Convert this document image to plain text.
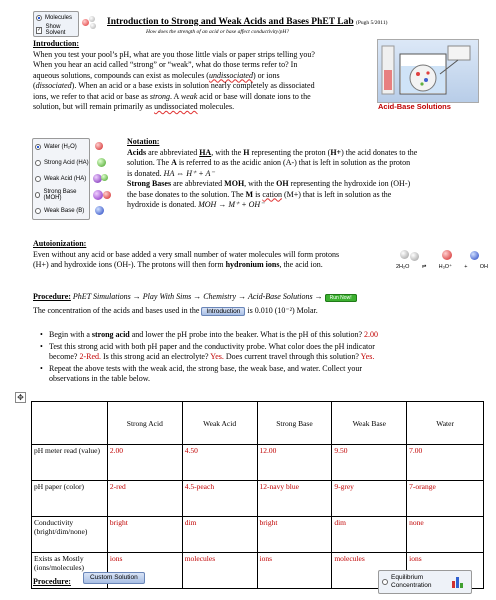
Molecules
✓ Show Solvent
Introduction to Strong and Weak Acids and Bases PhET Lab (Pugh 5/2011)
How does the strength of an acid or base affect conductivity/pH?
Introduction:
When you test your pool’s pH, what are you those little vials or paper strips telling you?
When you hear an acid called “strong” or “weak”, what do those terms refer to? In
aqueous solutions, compounds can exist as molecules (undissociated) or ions
(dissociated). When an acid or a base exists in solution nearly completely as dissociated
ions, we refer to that acid or base as strong. A weak acid or base will donate ions to the
solution, but will remain primarily as undissociated molecules.	Acid-Base Solutions
Water (H₂O)
Strong Acid (HA)
Weak Acid (HA)
Strong Base (MOH)
Weak Base (B)
Notation:
Acids are abbreviated HA, with the H representing the proton (H+) the acid donates to the
solution. The A is referred to as the acidic anion (A-) that is left in solution as the proton
is donated. HA ⇔ H⁺ + A⁻
Strong Bases are abbreviated MOH, with the OH representing the hydroxide ion (OH-)
the base donates to the solution. The M is cation (M+) that is left in solution as the
hydroxide is donated. MOH → M⁺ + OH⁻
Autoionization:
Even without any acid or base added a very small number of water molecules will form protons
(H+) and hydroxide ions (OH-). The protons will then form hydronium ions, the acid ion.	2H₂O ⇌ H₃O⁺ + OH
Procedure: PhET Simulations → Play With Sims → Chemistry → Acid-Base Solutions → Run Now!
The concentration of the acids and bases used in the Introduction is 0.010 (10⁻²) Molar.
• Begin with a strong acid and lower the pH probe into the beaker. What is the pH of this solution? 2.00
• Test this strong acid with both pH paper and the conductivity probe. What color does the pH indicator
become? 2-Red. Is this strong acid an electrolyte? Yes. Does current travel through this solution? Yes.
• Repeat the above tests with the weak acid, the strong base, the weak base, and water. Collect your
observations in the table below.
✥
	Strong Acid	Weak Acid	Strong Base	Weak Base	Water
pH meter read (value)	2.00	4.50	12.00	9.50	7.00
pH paper (color)	2-red	4.5-peach	12-navy blue	9-grey	7-orange
Conductivity (bright/dim/none)	bright	dim	bright	dim	none
Exists as Mostly (ions/molecules)	ions	molecules	ions	molecules	ions
Procedure:	Custom Solution	Equilibrium Concentration
